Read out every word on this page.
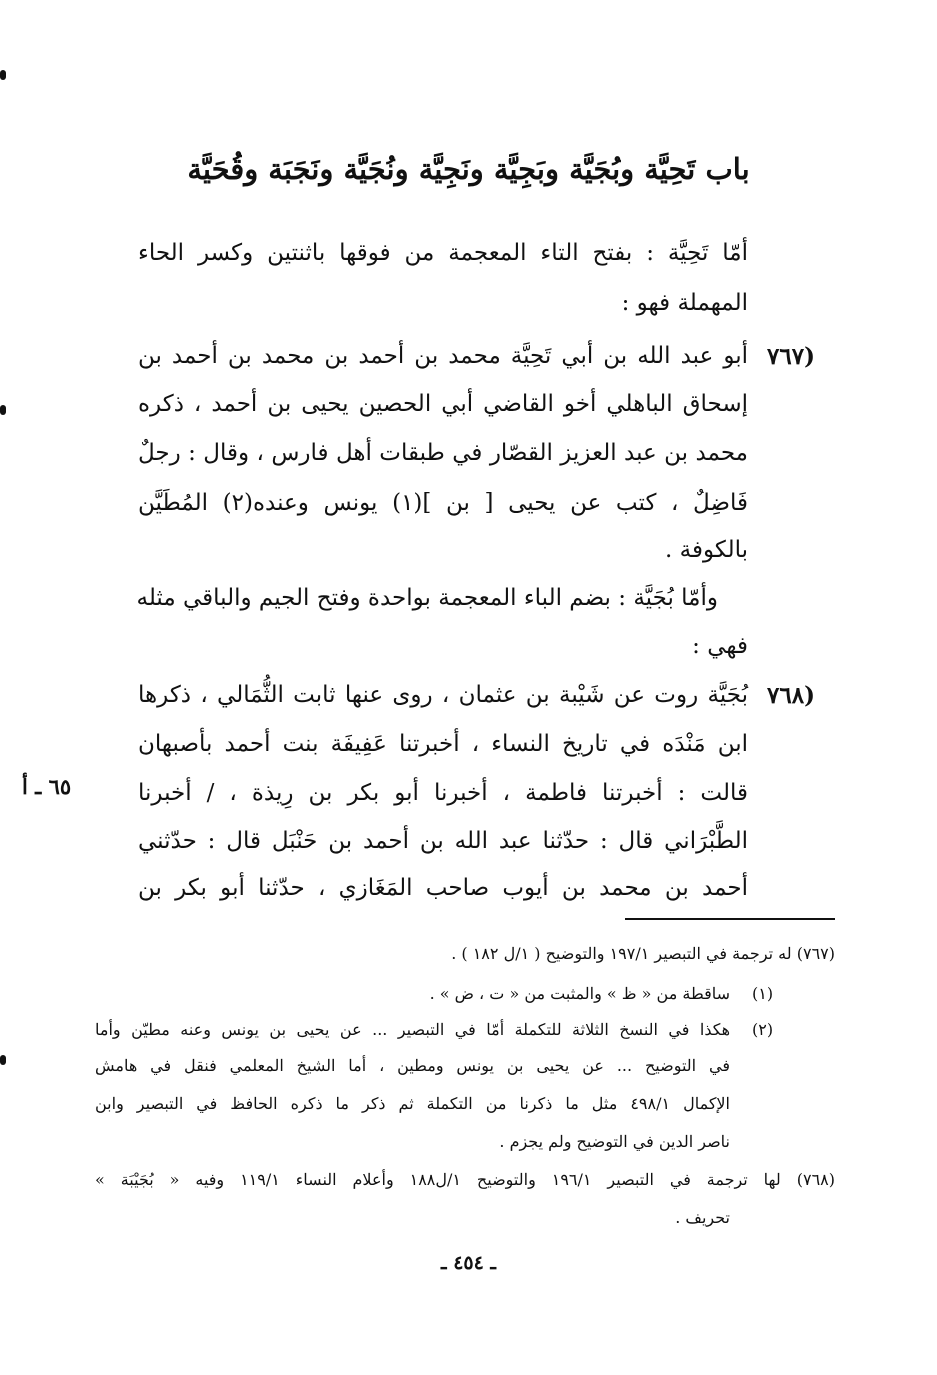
باب تَحِيَّة وبُجَيَّة وبَجِيَّة ونَجِيَّة ونُجَيَّة ونَجَبَة وقُحَيَّة
أمّا تَحِيَّة : بفتح التاء المعجمة من فوقها باثنتين وكسر الحاء
المهملة فهو :
(٧٦٧
أبو عبد الله بن أبي تَحِيَّة محمد بن أحمد بن محمد بن أحمد بن
إسحاق الباهلي أخو القاضي أبي الحصين يحيى بن أحمد ، ذكره
محمد بن عبد العزيز القصّار في طبقات أهل فارس ، وقال : رجلٌ
فَاضِلٌ ، كتب عن يحيى [ بن ](١) يونس وعنده(٢) المُطَيَّن
بالكوفة .
وأمّا بُجَيَّة : بضم الباء المعجمة بواحدة وفتح الجيم والباقي مثله
فهي :
(٧٦٨
بُجَيَّة روت عن شَيْبة بن عثمان ، روى عنها ثابت الثُّمَالي ، ذكرها
ابن مَنْدَه في تاريخ النساء ، أخبرتنا عَفِيفَة بنت أحمد بأصبهان
قالت : أخبرتنا فاطمة ، أخبرنا أبو بكر بن رِيذة ، / أخبرنا
الطَّبْرَاني قال : حدّثنا عبد الله بن أحمد بن حَنْبَل قال : حدّثني
أحمد بن محمد بن أيوب صاحب المَغَازي ، حدّثنا أبو بكر بن
٦٥ ـ أ
(٧٦٧) له ترجمة في التبصير ١٩٧/١ والتوضيح ( ١/ل ١٨٢ ) .
(١)
ساقطة من « ظ » والمثبت من « ت ، ض » .
(٢)
هكذا في النسخ الثلاثة للتكملة أمّا في التبصير ... عن يحيى بن يونس وعنه مطيّن وأما
في التوضيح ... عن يحيى بن يونس ومطين ، أما الشيخ المعلمي فنقل في هامش
الإكمال ٤٩٨/١ مثل ما ذكرنا من التكملة ثم ذكر ما ذكره الحافظ في التبصير وابن
ناصر الدين في التوضيح ولم يجزم .
(٧٦٨) لها ترجمة في التبصير ١٩٦/١ والتوضيح ١/ل١٨٨ وأعلام النساء ١١٩/١ وفيه « بُجَيْبَة »
تحريف .
ـ ٤٥٤ ـ
